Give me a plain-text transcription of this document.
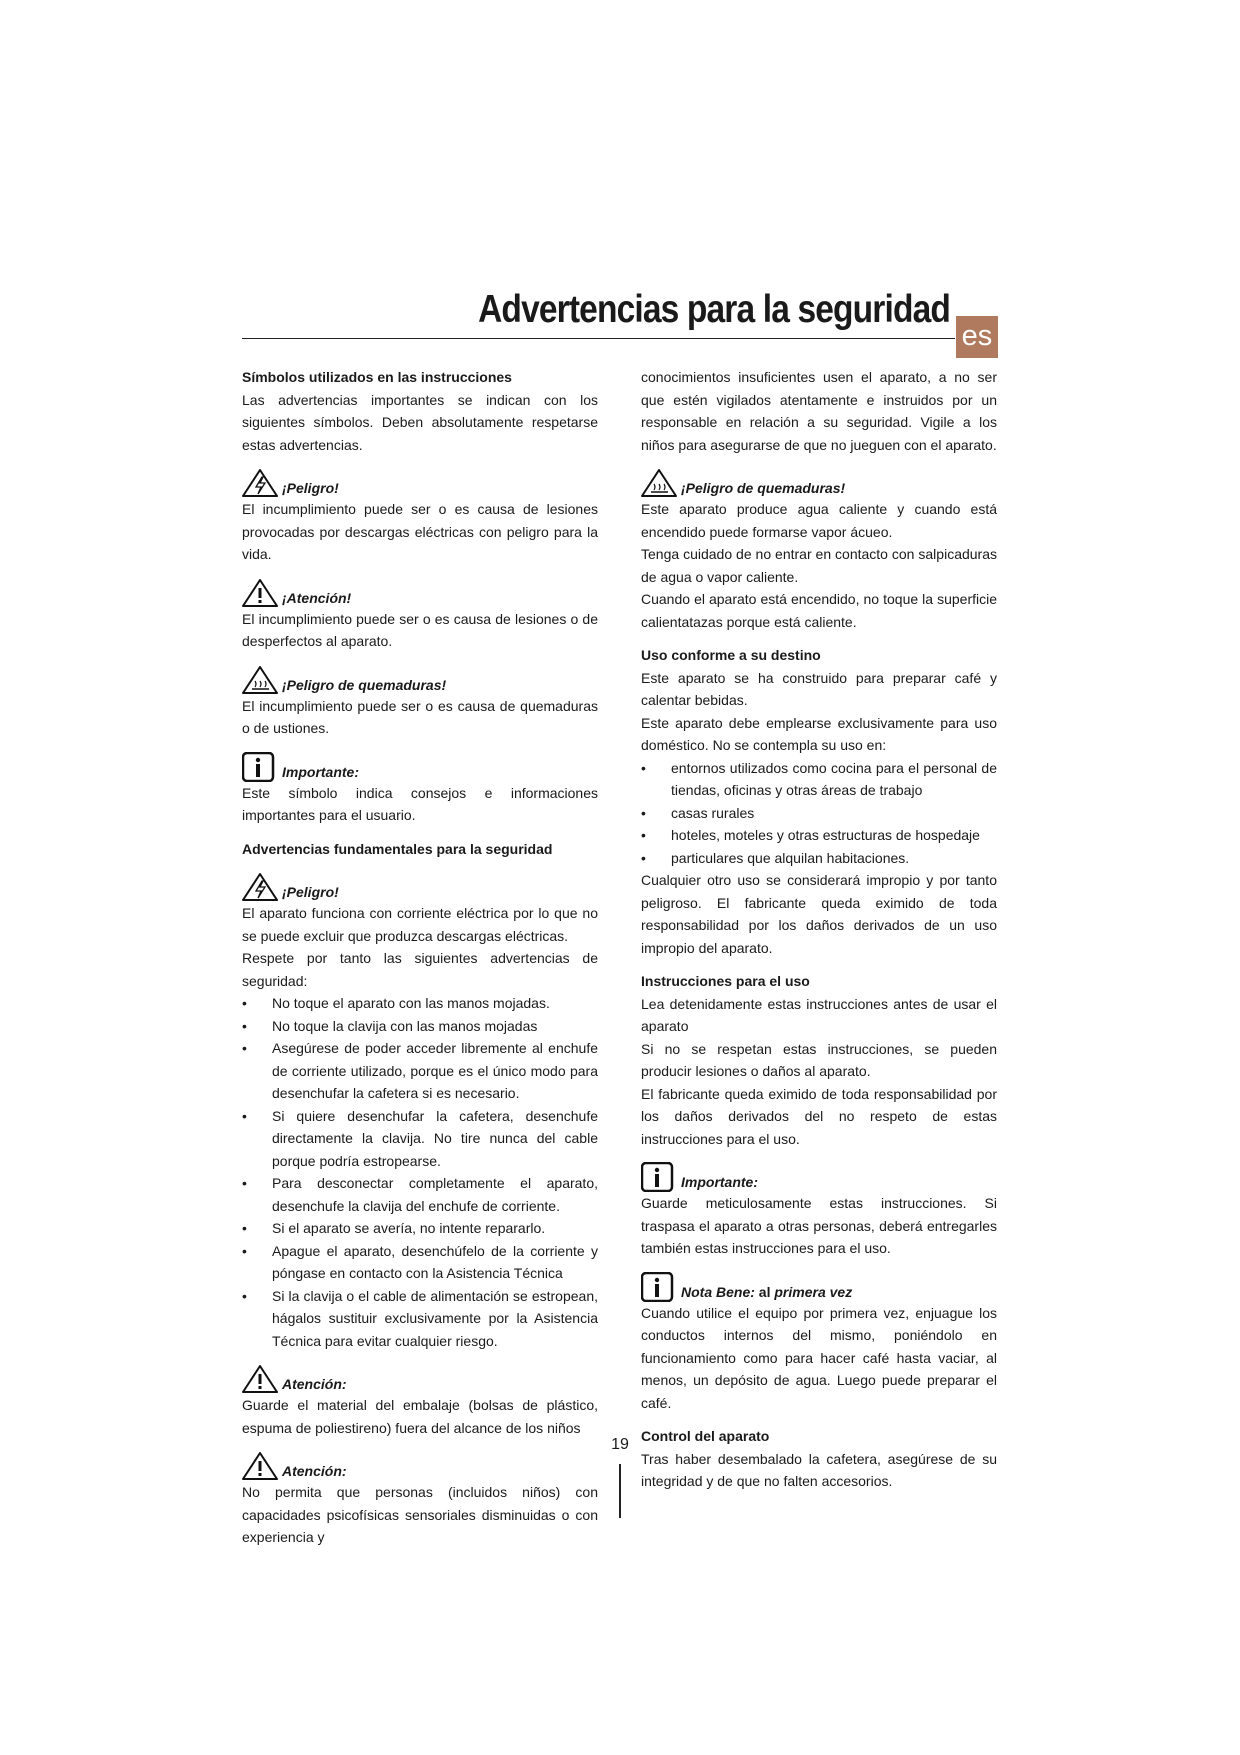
Advertencias para la seguridad
es
Símbolos utilizados en las instrucciones

Las advertencias importantes se indican con los siguientes símbolos. Deben absolutamente respetarse estas advertencias.

¡Peligro!

El incumplimiento puede ser o es causa de lesiones provocadas por descargas eléctricas con peligro para la vida.

¡Atención!

El incumplimiento puede ser o es causa de lesiones o de desperfectos al aparato.

¡Peligro de quemaduras!

El incumplimiento puede ser o es causa de quemaduras o de ustiones.

Importante:

Este símbolo indica consejos e informaciones importantes para el usuario.

Advertencias fundamentales para la seguridad
¡Peligro!

El aparato funciona con corriente eléctrica por lo que no se puede excluir que produzca descargas eléctricas.

Respete por tanto las siguientes advertencias de seguridad:

•	No toque el aparato con las manos mojadas.
•	No toque la clavija con las manos mojadas
•	Asegúrese de poder acceder libremente al enchufe de corriente utilizado, porque es el único modo para desenchufar la cafetera si es necesario.
•	Si quiere desenchufar la cafetera, desenchufe directamente la clavija. No tire nunca del cable porque podría estropearse.
•	Para desconectar completamente el aparato, desenchufe la clavija del enchufe de corriente.
•	Si el aparato se avería, no intente repararlo.
•	Apague el aparato, desenchúfelo de la corriente y póngase en contacto con la Asistencia Técnica
•	Si la clavija o el cable de alimentación se estropean, hágalos sustituir exclusivamente por la Asistencia Técnica para evitar cualquier riesgo.
Atención:

Guarde el material del embalaje (bolsas de plástico, espuma de poliestireno) fuera del alcance de los niños

Atención:

No permita que personas (incluidos niños) con capacidades psicofísicas sensoriales disminuidas o con experiencia y

conocimientos insuficientes usen el aparato, a no ser que estén vigilados atentamente e instruidos por un responsable en relación a su seguridad. Vigile a los niños para asegurarse de que no jueguen con el aparato.

¡Peligro de quemaduras!

Este aparato produce agua caliente y cuando está encendido puede formarse vapor ácueo.

Tenga cuidado de no entrar en contacto con salpicaduras de agua o vapor caliente.

Cuando el aparato está encendido, no toque la superficie calientatazas porque está caliente.

Uso conforme a su destino

Este aparato se ha construido para preparar café y calentar bebidas.

Este aparato debe emplearse exclusivamente para uso doméstico. No se contempla su uso en:

•	entornos utilizados como cocina para el personal de tiendas, oficinas y otras áreas de trabajo
•	casas rurales
•	hoteles, moteles y otras estructuras de hospedaje
•	particulares que alquilan habitaciones.

Cualquier otro uso se considerará impropio y por tanto peligroso. El fabricante queda eximido de toda responsabilidad por los daños derivados de un uso impropio del aparato.

Instrucciones para el uso

Lea detenidamente estas instrucciones antes de usar el aparato

Si no se respetan estas instrucciones, se pueden producir lesiones o daños al aparato.

El fabricante queda eximido de toda responsabilidad por los daños derivados del no respeto de estas instrucciones para el uso.

Importante:

Guarde meticulosamente estas instrucciones. Si traspasa el aparato a otras personas, deberá entregarles también estas instrucciones para el uso.

Nota Bene: al primera vez

Cuando utilice el equipo por primera vez, enjuague los conductos internos del mismo, poniéndolo en funcionamiento como para hacer café hasta vaciar, al menos, un depósito de agua. Luego puede preparar el café.

Control del aparato

Tras haber desembalado la cafetera, asegúrese de su integridad y de que no falten accesorios.

19
